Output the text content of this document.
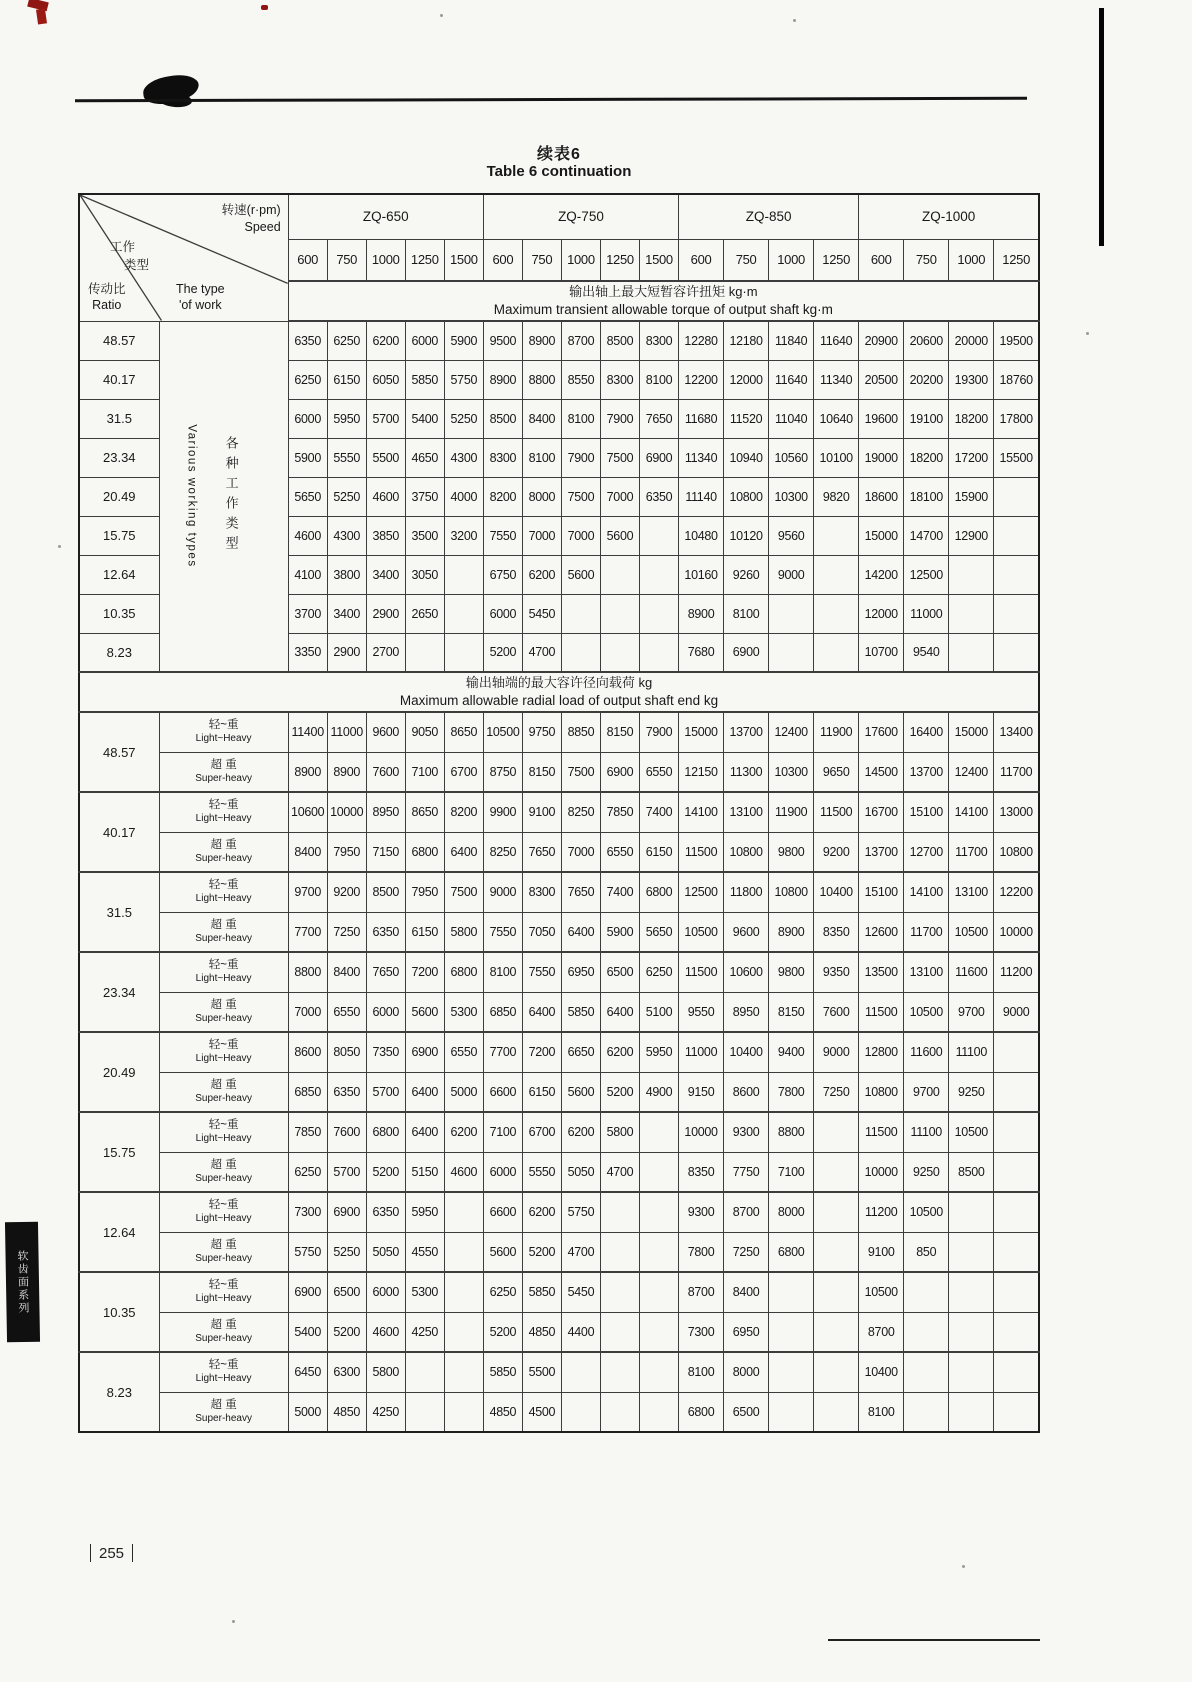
续表6
Table 6 continuation
转速(r·pm)
Speed
工作
类型
传动比
Ratio
The type
'of work
	ZQ-650	ZQ-750	ZQ-850	ZQ-1000
		600	750	1000	1250	1500	600	750	1000	1250	1500	600	750	1000	1250	600	750	1000	1250

		输出轴上最大短暂容许扭矩 kg·m
Maximum transient allowable torque of output shaft kg·m																	

48.57	Various working types 各种工作类型	6350	6250	6200	6000	5900	9500	8900	8700	8500	8300	12280	12180	11840	11640	20900	20600	20000	19500
40.17		6250	6150	6050	5850	5750	8900	8800	8550	8300	8100	12200	12000	11640	11340	20500	20200	19300	18760
31.5		6000	5950	5700	5400	5250	8500	8400	8100	7900	7650	11680	11520	11040	10640	19600	19100	18200	17800
23.34		5900	5550	5500	4650	4300	8300	8100	7900	7500	6900	11340	10940	10560	10100	19000	18200	17200	15500
20.49		5650	5250	4600	3750	4000	8200	8000	7500	7000	6350	11140	10800	10300	9820	18600	18100	15900	
15.75		4600	4300	3850	3500	3200	7550	7000	7000	5600		10480	10120	9560		15000	14700	12900	
12.64		4100	3800	3400	3050		6750	6200	5600			10160	9260	9000		14200	12500		
10.35		3700	3400	2900	2650		6000	5450				8900	8100			12000	11000		
8.23		3350	2900	2700			5200	4700				7680	6900			10700	9540		

输出轴端的最大容许径向载荷 kg
Maximum allowable radial load of output shaft end kg																			

48.57	轻~重
Light~Heavy	11400	11000	9600	9050	8650	10500	9750	8850	8150	7900	15000	13700	12400	11900	17600	16400	15000	13400

	超 重
Super-heavy	8900	8900	7600	7100	6700	8750	8150	7500	6900	6550	12150	11300	10300	9650	14500	13700	12400	11700
40.17	轻~重
Light~Heavy	10600	10000	8950	8650	8200	9900	9100	8250	7850	7400	14100	13100	11900	11500	16700	15100	14100	13000

	超 重
Super-heavy	8400	7950	7150	6800	6400	8250	7650	7000	6550	6150	11500	10800	9800	9200	13700	12700	11700	10800
31.5	轻~重
Light~Heavy	9700	9200	8500	7950	7500	9000	8300	7650	7400	6800	12500	11800	10800	10400	15100	14100	13100	12200

	超 重
Super-heavy	7700	7250	6350	6150	5800	7550	7050	6400	5900	5650	10500	9600	8900	8350	12600	11700	10500	10000
23.34	轻~重
Light~Heavy	8800	8400	7650	7200	6800	8100	7550	6950	6500	6250	11500	10600	9800	9350	13500	13100	11600	11200

	超 重
Super-heavy	7000	6550	6000	5600	5300	6850	6400	5850	6400	5100	9550	8950	8150	7600	11500	10500	9700	9000
20.49	轻~重
Light~Heavy	8600	8050	7350	6900	6550	7700	7200	6650	6200	5950	11000	10400	9400	9000	12800	11600	11100	

	超 重
Super-heavy	6850	6350	5700	6400	5000	6600	6150	5600	5200	4900	9150	8600	7800	7250	10800	9700	9250	
15.75	轻~重
Light~Heavy	7850	7600	6800	6400	6200	7100	6700	6200	5800		10000	9300	8800		11500	11100	10500	

	超 重
Super-heavy	6250	5700	5200	5150	4600	6000	5550	5050	4700		8350	7750	7100		10000	9250	8500	
12.64	轻~重
Light~Heavy	7300	6900	6350	5950		6600	6200	5750			9300	8700	8000		11200	10500		

	超 重
Super-heavy	5750	5250	5050	4550		5600	5200	4700			7800	7250	6800		9100	850		
10.35	轻~重
Light~Heavy	6900	6500	6000	5300		6250	5850	5450			8700	8400			10500			

	超 重
Super-heavy	5400	5200	4600	4250		5200	4850	4400			7300	6950			8700			
8.23	轻~重
Light~Heavy	6450	6300	5800			5850	5500				8100	8000			10400			

	超 重
Super-heavy	5000	4850	4250			4850	4500				6800	6500			8100			
软齿面系列
255
